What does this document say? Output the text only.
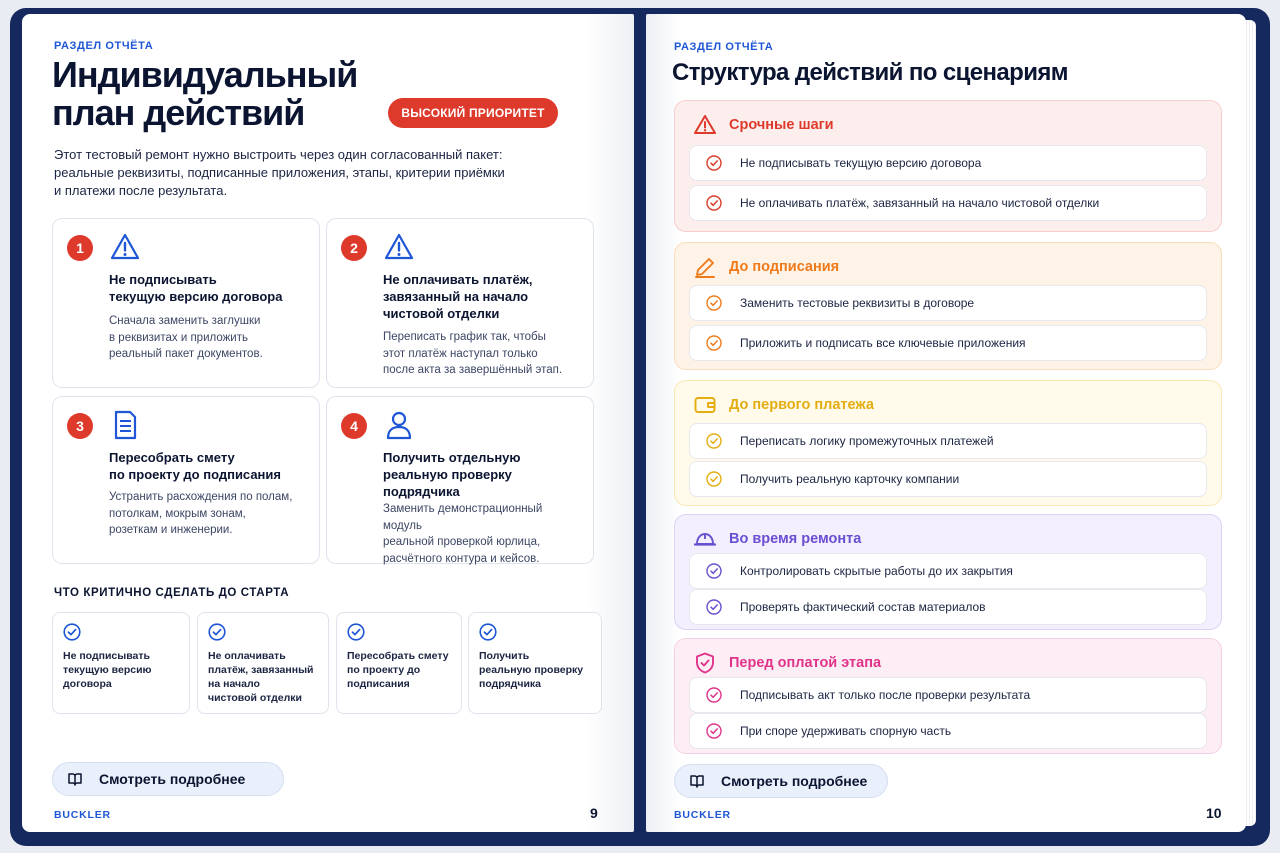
РАЗДЕЛ ОТЧЁТА
Индивидуальный
план действий	ВЫСОКИЙ ПРИОРИТЕТ
Этот тестовый ремонт нужно выстроить через один согласованный пакет:
реальные реквизиты, подписанные приложения, этапы, критерии приёмки
и платежи после результата.
1
Не подписывать
текущую версию договора
Сначала заменить заглушки
в реквизитах и приложить
реальный пакет документов.
2
Не оплачивать платёж,
завязанный на начало
чистовой отделки
Переписать график так, чтобы
этот платёж наступал только
после акта за завершённый этап.
3
Пересобрать смету
по проекту до подписания
Устранить расхождения по полам,
потолкам, мокрым зонам,
розеткам и инженерии.
4
Получить отдельную
реальную проверку
подрядчика
Заменить демонстрационный модуль
реальной проверкой юрлица,
расчётного контура и кейсов.
ЧТО КРИТИЧНО СДЕЛАТЬ ДО СТАРТА
Не подписывать
текущую версию
договора
Не оплачивать
платёж, завязанный
на начало
чистовой отделки
Пересобрать смету
по проекту до
подписания
Получить
реальную проверку
подрядчика
Смотреть подробнее
BUCKLER	9
РАЗДЕЛ ОТЧЁТА
Структура действий по сценариям
Срочные шаги
Не подписывать текущую версию договора
Не оплачивать платёж, завязанный на начало чистовой отделки
До подписания
Заменить тестовые реквизиты в договоре
Приложить и подписать все ключевые приложения
До первого платежа
Переписать логику промежуточных платежей
Получить реальную карточку компании
Во время ремонта
Контролировать скрытые работы до их закрытия
Проверять фактический состав материалов
Перед оплатой этапа
Подписывать акт только после проверки результата
При споре удерживать спорную часть
Смотреть подробнее
BUCKLER	10
